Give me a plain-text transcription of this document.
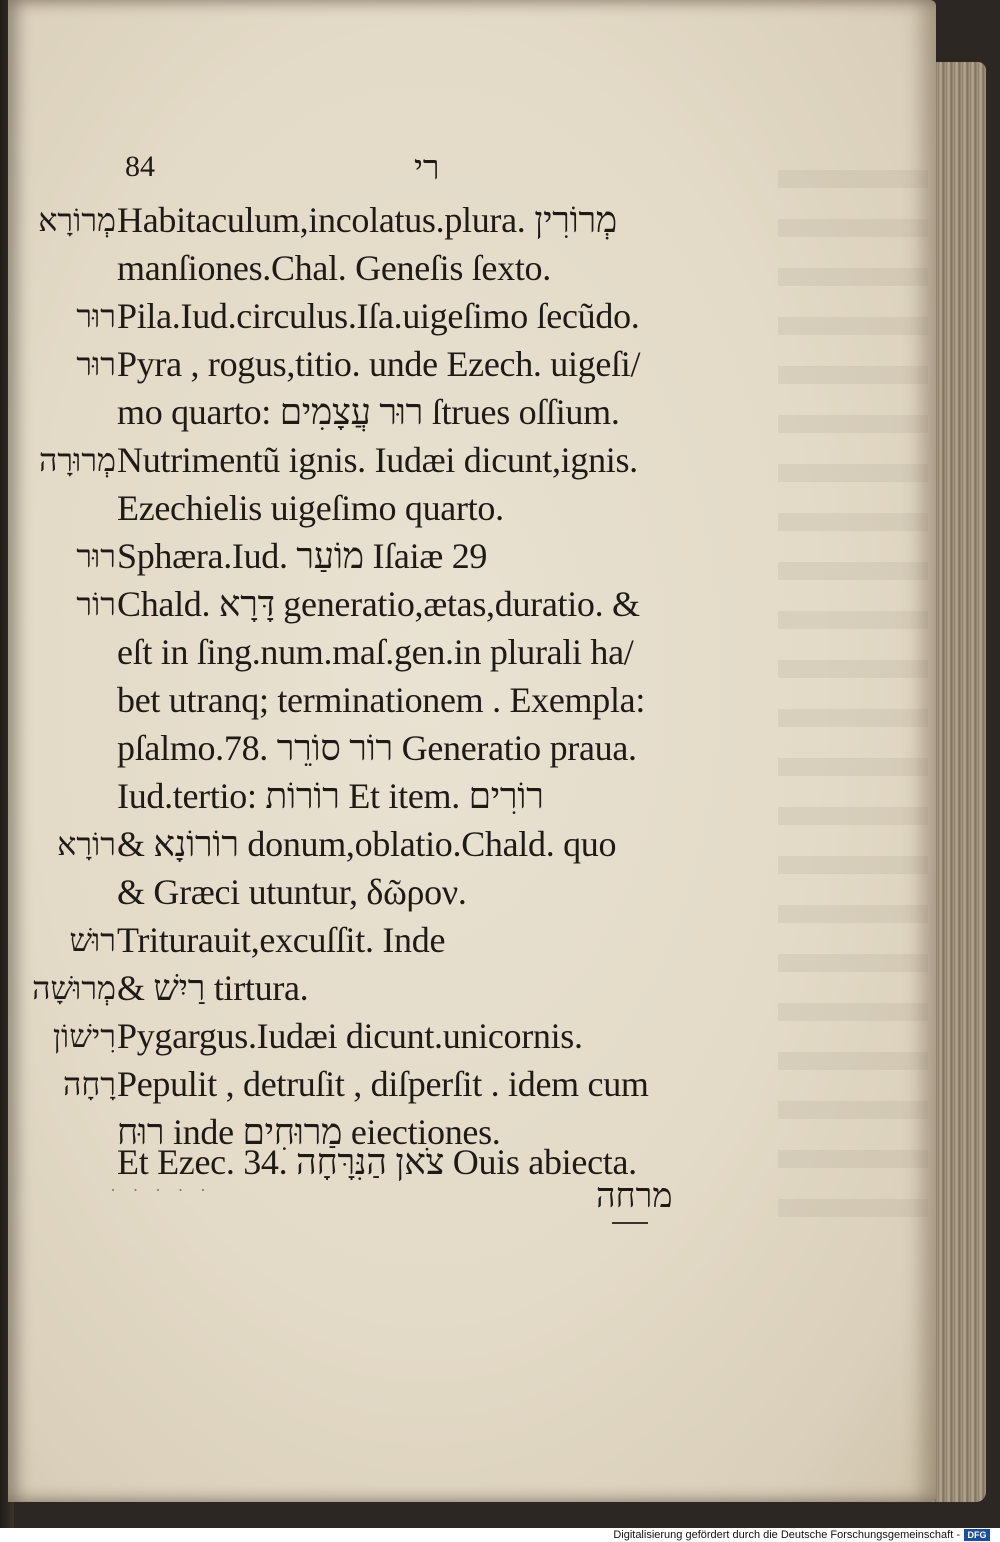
84	רי
מְרוֹרָא Habitaculum,incolatus.plura. מְרוֹרִין
manſiones.Chal. Geneſis ſexto.
רוּר Pila.Iud.circulus.Iſa.uigeſimo ſecũdo.
רוּר Pyra , rogus,titio. unde Ezech. uigeſi/
mo quarto: רוּר עֲצָמִים ſtrues oſſium.
מְרוּרָה Nutrimentũ ignis. Iudæi dicunt,ignis.
Ezechielis uigeſimo quarto.
רוּר Sphæra.Iud. מוֹעַר Iſaiæ 29
רוֹר Chald. דָּרָא generatio,ætas,duratio. &
eſt in ſing.num.maſ.gen.in plurali ha/
bet utranq; terminationem . Exempla:
pſalmo.78. רוֹר סוֹרֵר Generatio praua.
Iud.tertio: רוֹרוֹת Et item. רוֹרִים
רוֹרָא & רוֹרוֹנָא donum,oblatio.Chald. quo
& Græci utuntur, δῶρον.
רוּשׁ Triturauit,excuſſit. Inde
מְרוּשָׁה & רַיִשׁ tirtura.
רִישׁוֹן Pygargus.Iudæi dicunt.unicornis.
רָחָה Pepulit , detruſit , diſperſit . idem cum
רוּח inde מַרוּחִים eiectiones.
Et Ezec. 34. צֹאן הַנִּרָּחָה Ouis abiecta.
· · · · ·	מרחה
Digitalisierung gefördert durch die Deutsche Forschungsgemeinschaft - DFG
